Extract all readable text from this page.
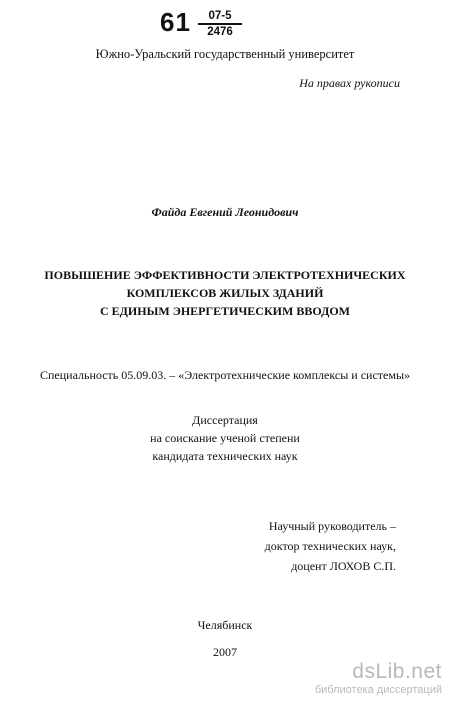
61	07-5
2476
Южно-Уральский государственный университет
На правах рукописи
Файда Евгений Леонидович
ПОВЫШЕНИЕ ЭФФЕКТИВНОСТИ ЭЛЕКТРОТЕХНИЧЕСКИХ
КОМПЛЕКСОВ ЖИЛЫХ ЗДАНИЙ
С ЕДИНЫМ ЭНЕРГЕТИЧЕСКИМ ВВОДОМ
Специальность 05.09.03. – «Электротехнические комплексы и системы»
Диссертация
на соискание ученой степени
кандидата технических наук
Научный руководитель –
доктор технических наук,
доцент ЛОХОВ С.П.
Челябинск
2007
dsLib.net
библиотека диссертаций
